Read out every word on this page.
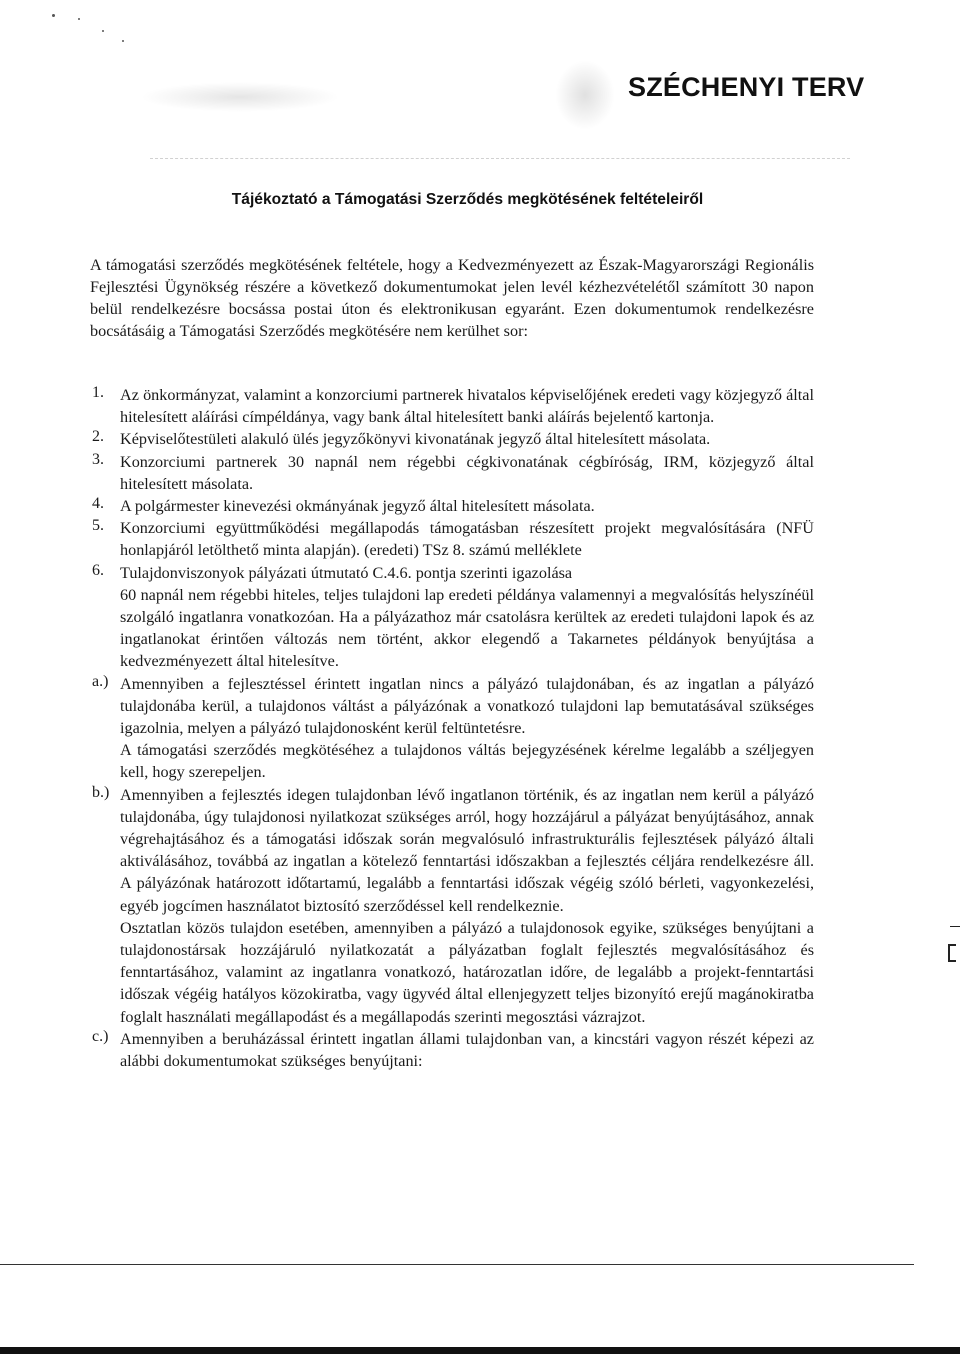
SZÉCHENYI TERV
Tájékoztató a Támogatási Szerződés megkötésének feltételeiről

A támogatási szerződés megkötésének feltétele, hogy a Kedvezményezett az Észak-Magyarországi Regionális Fejlesztési Ügynökség részére a következő dokumentumokat jelen levél kézhezvételétől számított 30 napon belül rendelkezésre bocsássa postai úton és elektronikusan egyaránt. Ezen dokumentumok rendelkezésre bocsátásáig a Támogatási Szerződés megkötésére nem kerülhet sor:

1. Az önkormányzat, valamint a konzorciumi partnerek hivatalos képviselőjének eredeti vagy közjegyző által hitelesített aláírási címpéldánya, vagy bank által hitelesített banki aláírás bejelentő kartonja.
2. Képviselőtestületi alakuló ülés jegyzőkönyvi kivonatának jegyző által hitelesített másolata.
3. Konzorciumi partnerek 30 napnál nem régebbi cégkivonatának cégbíróság, IRM, közjegyző által hitelesített másolata.
4. A polgármester kinevezési okmányának jegyző által hitelesített másolata.
5. Konzorciumi együttműködési megállapodás támogatásban részesített projekt megvalósítására (NFÜ honlapjáról letölthető minta alapján). (eredeti) TSz 8. számú melléklete
6. Tulajdonviszonyok pályázati útmutató C.4.6. pontja szerinti igazolása
60 napnál nem régebbi hiteles, teljes tulajdoni lap eredeti példánya valamennyi a megvalósítás helyszínéül szolgáló ingatlanra vonatkozóan. Ha a pályázathoz már csatolásra kerültek az eredeti tulajdoni lapok és az ingatlanokat érintően változás nem történt, akkor elegendő a Takarnetes példányok benyújtása a kedvezményezett által hitelesítve.
a.) Amennyiben a fejlesztéssel érintett ingatlan nincs a pályázó tulajdonában, és az ingatlan a pályázó tulajdonába kerül, a tulajdonos váltást a pályázónak a vonatkozó tulajdoni lap bemutatásával szükséges igazolnia, melyen a pályázó tulajdonosként kerül feltüntetésre.
A támogatási szerződés megkötéséhez a tulajdonos váltás bejegyzésének kérelme legalább a széljegyen kell, hogy szerepeljen.
b.) Amennyiben a fejlesztés idegen tulajdonban lévő ingatlanon történik, és az ingatlan nem kerül a pályázó tulajdonába, úgy tulajdonosi nyilatkozat szükséges arról, hogy hozzájárul a pályázat benyújtásához, annak végrehajtásához és a támogatási időszak során megvalósuló infrastrukturális fejlesztések pályázó általi aktiválásához, továbbá az ingatlan a kötelező fenntartási időszakban a fejlesztés céljára rendelkezésre áll. A pályázónak határozott időtartamú, legalább a fenntartási időszak végéig szóló bérleti, vagyonkezelési, egyéb jogcímen használatot biztosító szerződéssel kell rendelkeznie.
Osztatlan közös tulajdon esetében, amennyiben a pályázó a tulajdonosok egyike, szükséges benyújtani a tulajdonostársak hozzájáruló nyilatkozatát a pályázatban foglalt fejlesztés megvalósításához és fenntartásához, valamint az ingatlanra vonatkozó, határozatlan időre, de legalább a projekt-fenntartási időszak végéig hatályos közokiratba, vagy ügyvéd által ellenjegyzett teljes bizonyító erejű magánokiratba foglalt használati megállapodást és a megállapodás szerinti megosztási vázrajzot.
c.) Amennyiben a beruházással érintett ingatlan állami tulajdonban van, a kincstári vagyon részét képezi az alábbi dokumentumokat szükséges benyújtani:
